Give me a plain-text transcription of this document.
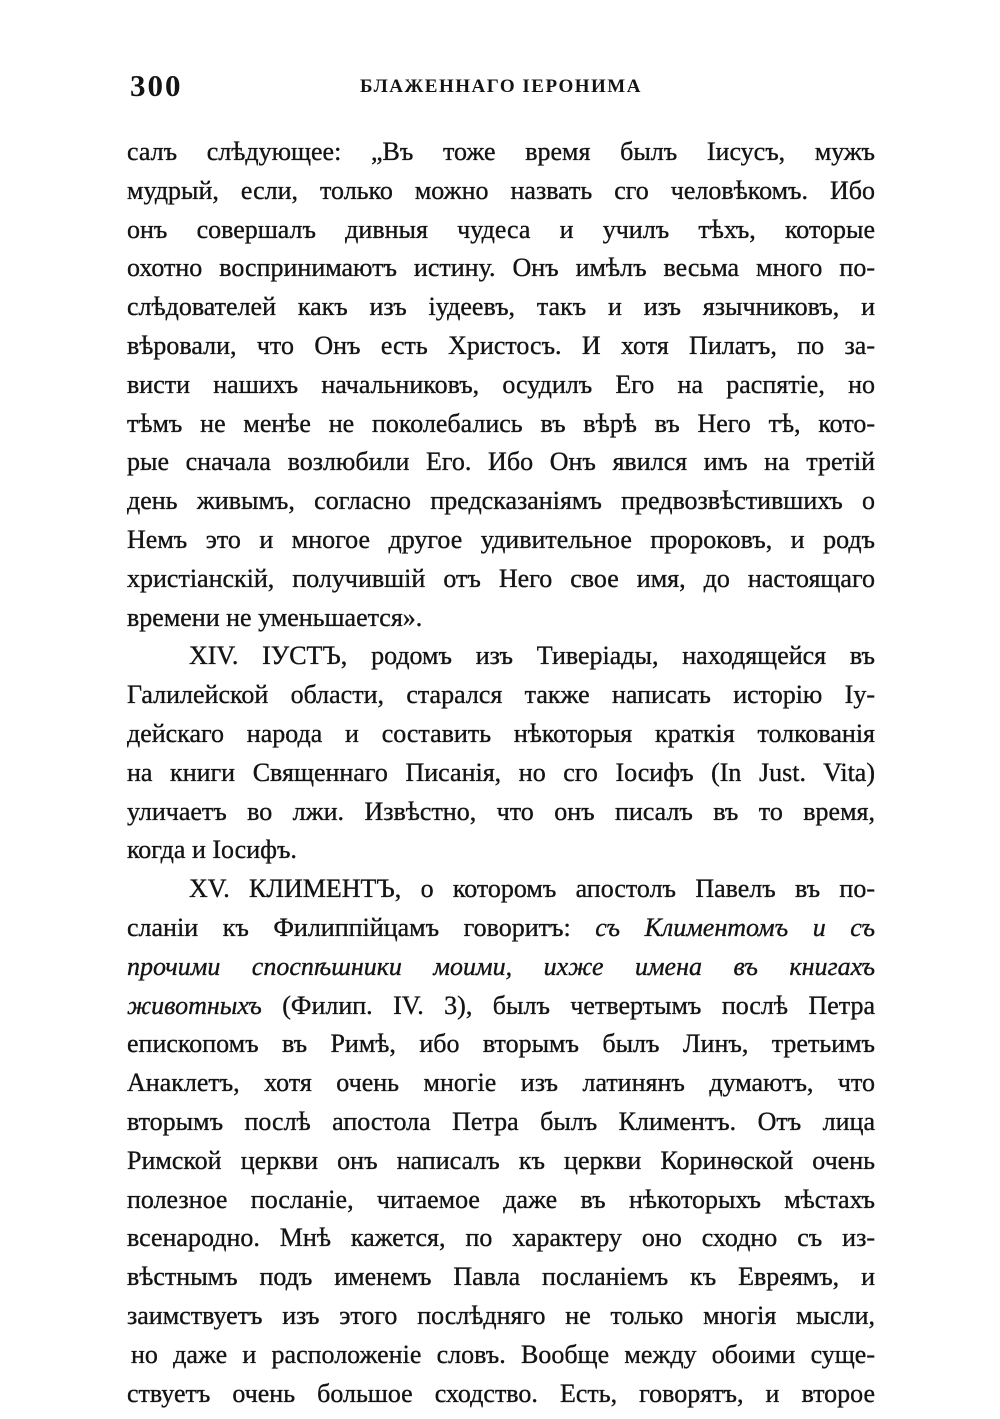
300	БЛАЖЕННАГО ІЕРОНИМА
салъ слѣдующее: „Въ тоже время былъ Іисусъ, мужъ
мудрый, если, только можно назвать сго человѣкомъ. Ибо
онъ совершалъ дивныя чудеса и училъ тѣхъ, которые
охотно воспринимаютъ истину. Онъ имѣлъ весьма много по-
слѣдователей какъ изъ іудеевъ, такъ и изъ язычниковъ, и
вѣровали, что Онъ есть Христосъ. И хотя Пилатъ, по за-
висти нашихъ начальниковъ, осудилъ Его на распятіе, но
тѣмъ не менѣе не поколебались въ вѣрѣ въ Него тѣ, кото-
рые сначала возлюбили Его. Ибо Онъ явился имъ на третій
день живымъ, согласно предсказаніямъ предвозвѣстившихъ о
Немъ это и многое другое удивительное пророковъ, и родъ
христіанскій, получившій отъ Него свое имя, до настоящаго
времени не уменьшается».
XIV. ІУСТЪ, родомъ изъ Тиверіады, находящейся въ
Галилейской области, старался также написать исторію Іу-
дейскаго народа и составить нѣкоторыя краткія толкованія
на книги Священнаго Писанія, но сго Іосифъ (In Just. Vita)
уличаетъ во лжи. Извѣстно, что онъ писалъ въ то время,
когда и Іосифъ.
XV. КЛИМЕНТЪ, о которомъ апостолъ Павелъ въ по-
сланіи къ Филиппійцамъ говоритъ: съ Климентомъ и съ
прочими споспѣшники моими, ихже имена въ книгахъ
животныхъ (Филип. IV. 3), былъ четвертымъ послѣ Петра
епископомъ въ Римѣ, ибо вторымъ былъ Линъ, третьимъ
Анаклетъ, хотя очень многіе изъ латинянъ думаютъ, что
вторымъ послѣ апостола Петра былъ Климентъ. Отъ лица
Римской церкви онъ написалъ къ церкви Коринѳской очень
полезное посланіе, читаемое даже въ нѣкоторыхъ мѣстахъ
всенародно. Мнѣ кажется, по характеру оно сходно съ из-
вѣстнымъ подъ именемъ Павла посланіемъ къ Евреямъ, и
заимствуетъ изъ этого послѣдняго не только многія мысли,
но даже и расположеніе словъ. Вообще между обоими суще-
ствуетъ очень большое сходство. Есть, говорятъ, и второе
